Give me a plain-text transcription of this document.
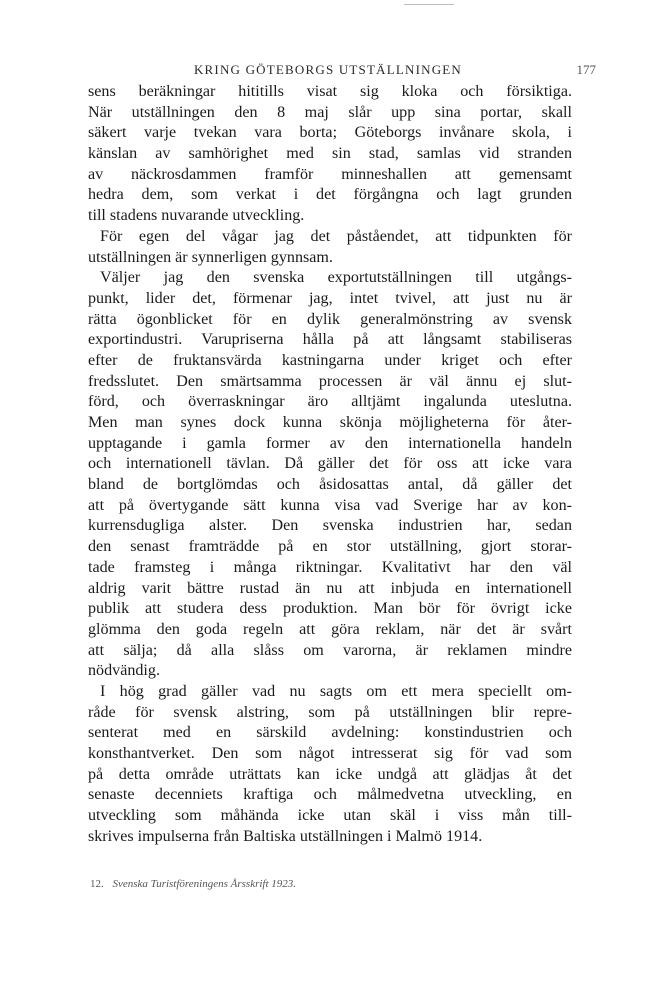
KRING GÖTEBORGS UTSTÄLLNINGEN	177
sens beräkningar hititills visat sig kloka och försiktiga.
När utställningen den 8 maj slår upp sina portar, skall
säkert varje tvekan vara borta; Göteborgs invånare skola, i
känslan av samhörighet med sin stad, samlas vid stranden
av näckrosdammen framför minneshallen att gemensamt
hedra dem, som verkat i det förgångna och lagt grunden
till stadens nuvarande utveckling.
För egen del vågar jag det påståendet, att tidpunkten för
utställningen är synnerligen gynnsam.
Väljer jag den svenska exportutställningen till utgångs-
punkt, lider det, förmenar jag, intet tvivel, att just nu är
rätta ögonblicket för en dylik generalmönstring av svensk
exportindustri. Varupriserna hålla på att långsamt stabiliseras
efter de fruktansvärda kastningarna under kriget och efter
fredsslutet. Den smärtsamma processen är väl ännu ej slut-
förd, och överraskningar äro alltjämt ingalunda uteslutna.
Men man synes dock kunna skönja möjligheterna för åter-
upptagande i gamla former av den internationella handeln
och internationell tävlan. Då gäller det för oss att icke vara
bland de bortglömdas och åsidosattas antal, då gäller det
att på övertygande sätt kunna visa vad Sverige har av kon-
kurrensdugliga alster. Den svenska industrien har, sedan
den senast framträdde på en stor utställning, gjort storar-
tade framsteg i många riktningar. Kvalitativt har den väl
aldrig varit bättre rustad än nu att inbjuda en internationell
publik att studera dess produktion. Man bör för övrigt icke
glömma den goda regeln att göra reklam, när det är svårt
att sälja; då alla slåss om varorna, är reklamen mindre
nödvändig.
I hög grad gäller vad nu sagts om ett mera speciellt om-
råde för svensk alstring, som på utställningen blir repre-
senterat med en särskild avdelning: konstindustrien och
konsthantverket. Den som något intresserat sig för vad som
på detta område uträttats kan icke undgå att glädjas åt det
senaste decenniets kraftiga och målmedvetna utveckling, en
utveckling som måhända icke utan skäl i viss mån till-
skrives impulserna från Baltiska utställningen i Malmö 1914.
12. Svenska Turistföreningens Årsskrift 1923.
